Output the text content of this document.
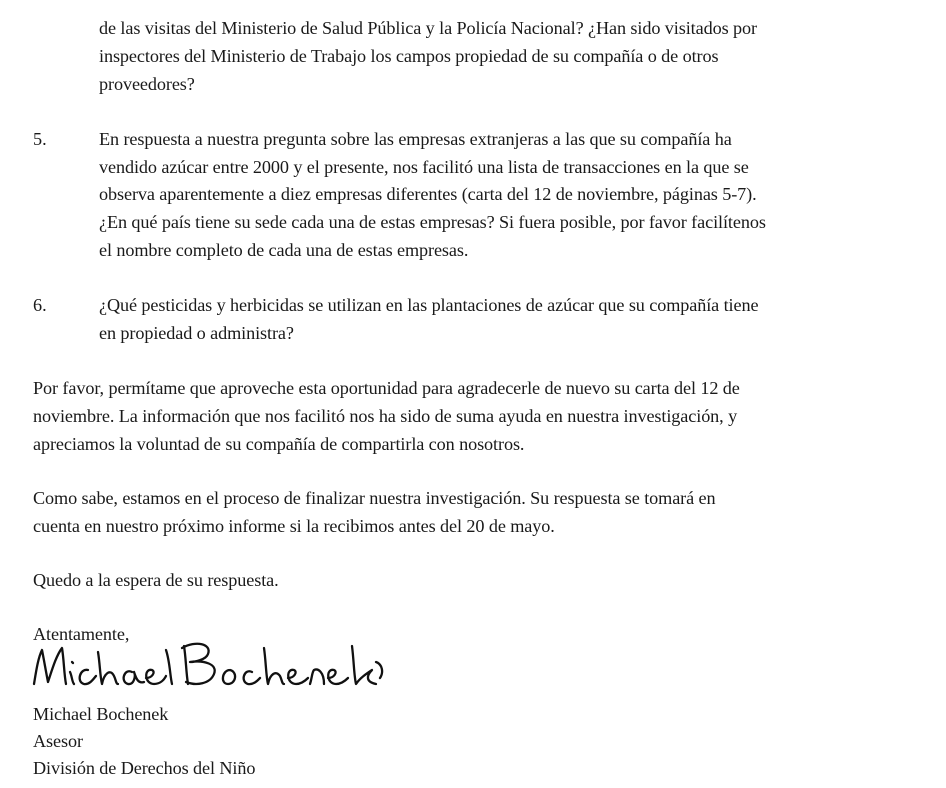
de las visitas del Ministerio de Salud Pública y la Policía Nacional? ¿Han sido visitados por
inspectores del Ministerio de Trabajo los campos propiedad de su compañía o de otros
proveedores?
5.	En respuesta a nuestra pregunta sobre las empresas extranjeras a las que su compañía ha
vendido azúcar entre 2000 y el presente, nos facilitó una lista de transacciones en la que se
observa aparentemente a diez empresas diferentes (carta del 12 de noviembre, páginas 5-7).
¿En qué país tiene su sede cada una de estas empresas? Si fuera posible, por favor facilítenos
el nombre completo de cada una de estas empresas.
6.	¿Qué pesticidas y herbicidas se utilizan en las plantaciones de azúcar que su compañía tiene
en propiedad o administra?
Por favor, permítame que aproveche esta oportunidad para agradecerle de nuevo su carta del 12 de
noviembre. La información que nos facilitó nos ha sido de suma ayuda en nuestra investigación, y
apreciamos la voluntad de su compañía de compartirla con nosotros.
Como sabe, estamos en el proceso de finalizar nuestra investigación. Su respuesta se tomará en
cuenta en nuestro próximo informe si la recibimos antes del 20 de mayo.
Quedo a la espera de su respuesta.
Atentamente,
Michael Bochenek
Asesor
División de Derechos del Niño
